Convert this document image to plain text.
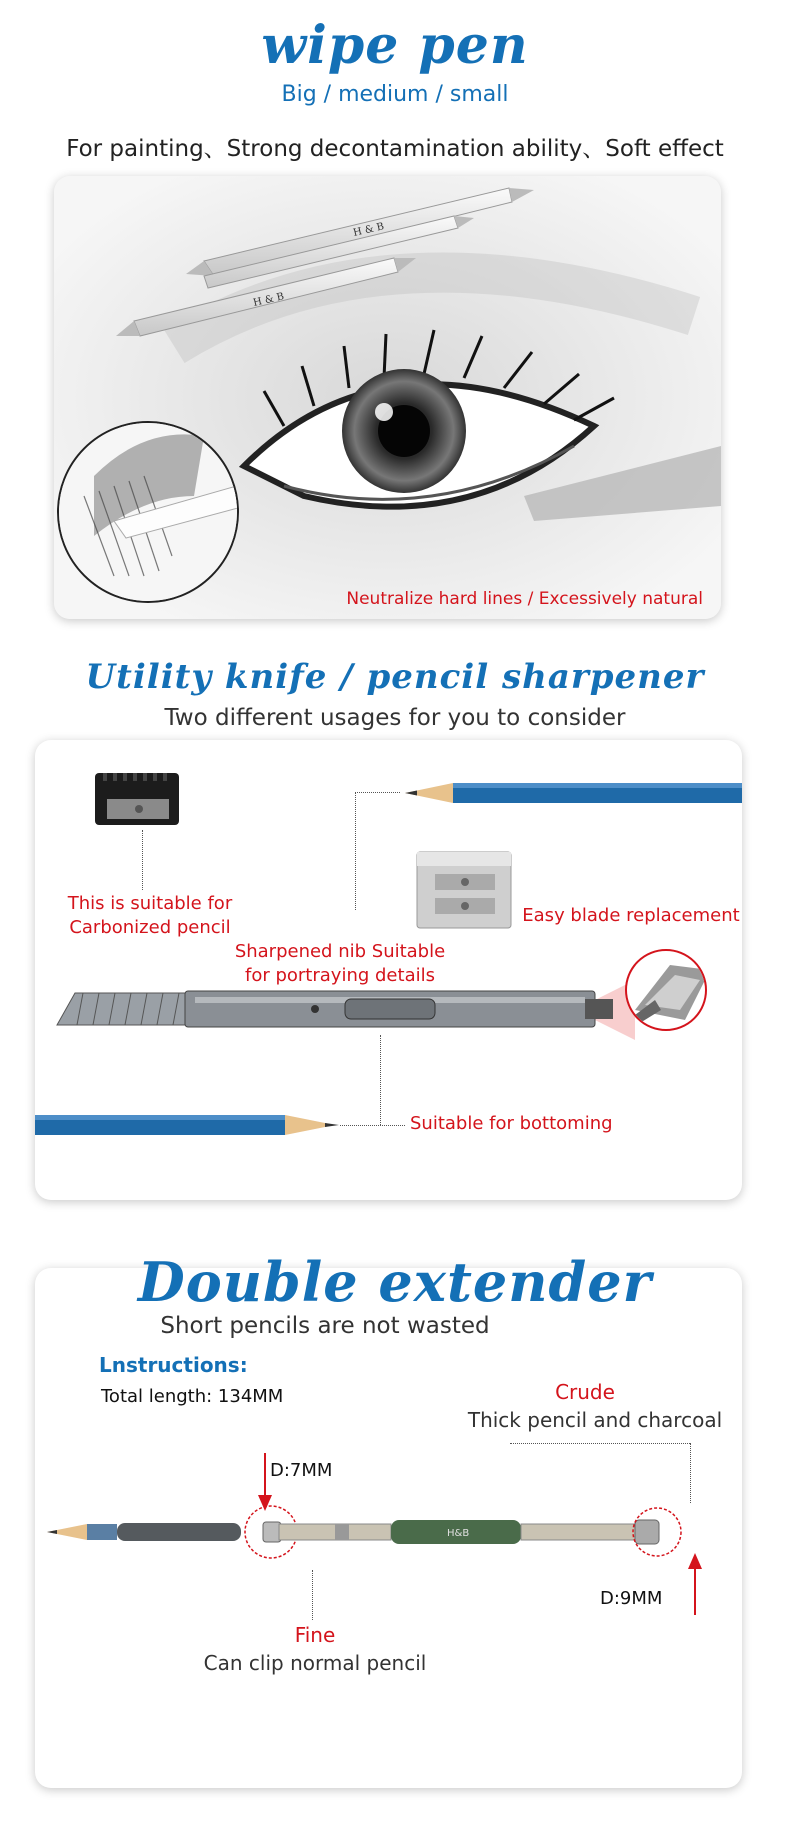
wipe pen
Big / medium / small
For painting、Strong decontamination ability、Soft effect
H & B
H & B
Neutralize hard lines / Excessively natural
Utility knife / pencil sharpener
Two different usages for you to consider
This is suitable for
Carbonized pencil
Sharpened nib Suitable
for portraying details
Easy blade replacement
Suitable for bottoming
Lnstructions:
Total length: 134MM	Crude
Thick pencil and charcoal
D:7MM
H&B
Fine
Can clip normal pencil
D:9MM
Double extender
Short pencils are not wasted
